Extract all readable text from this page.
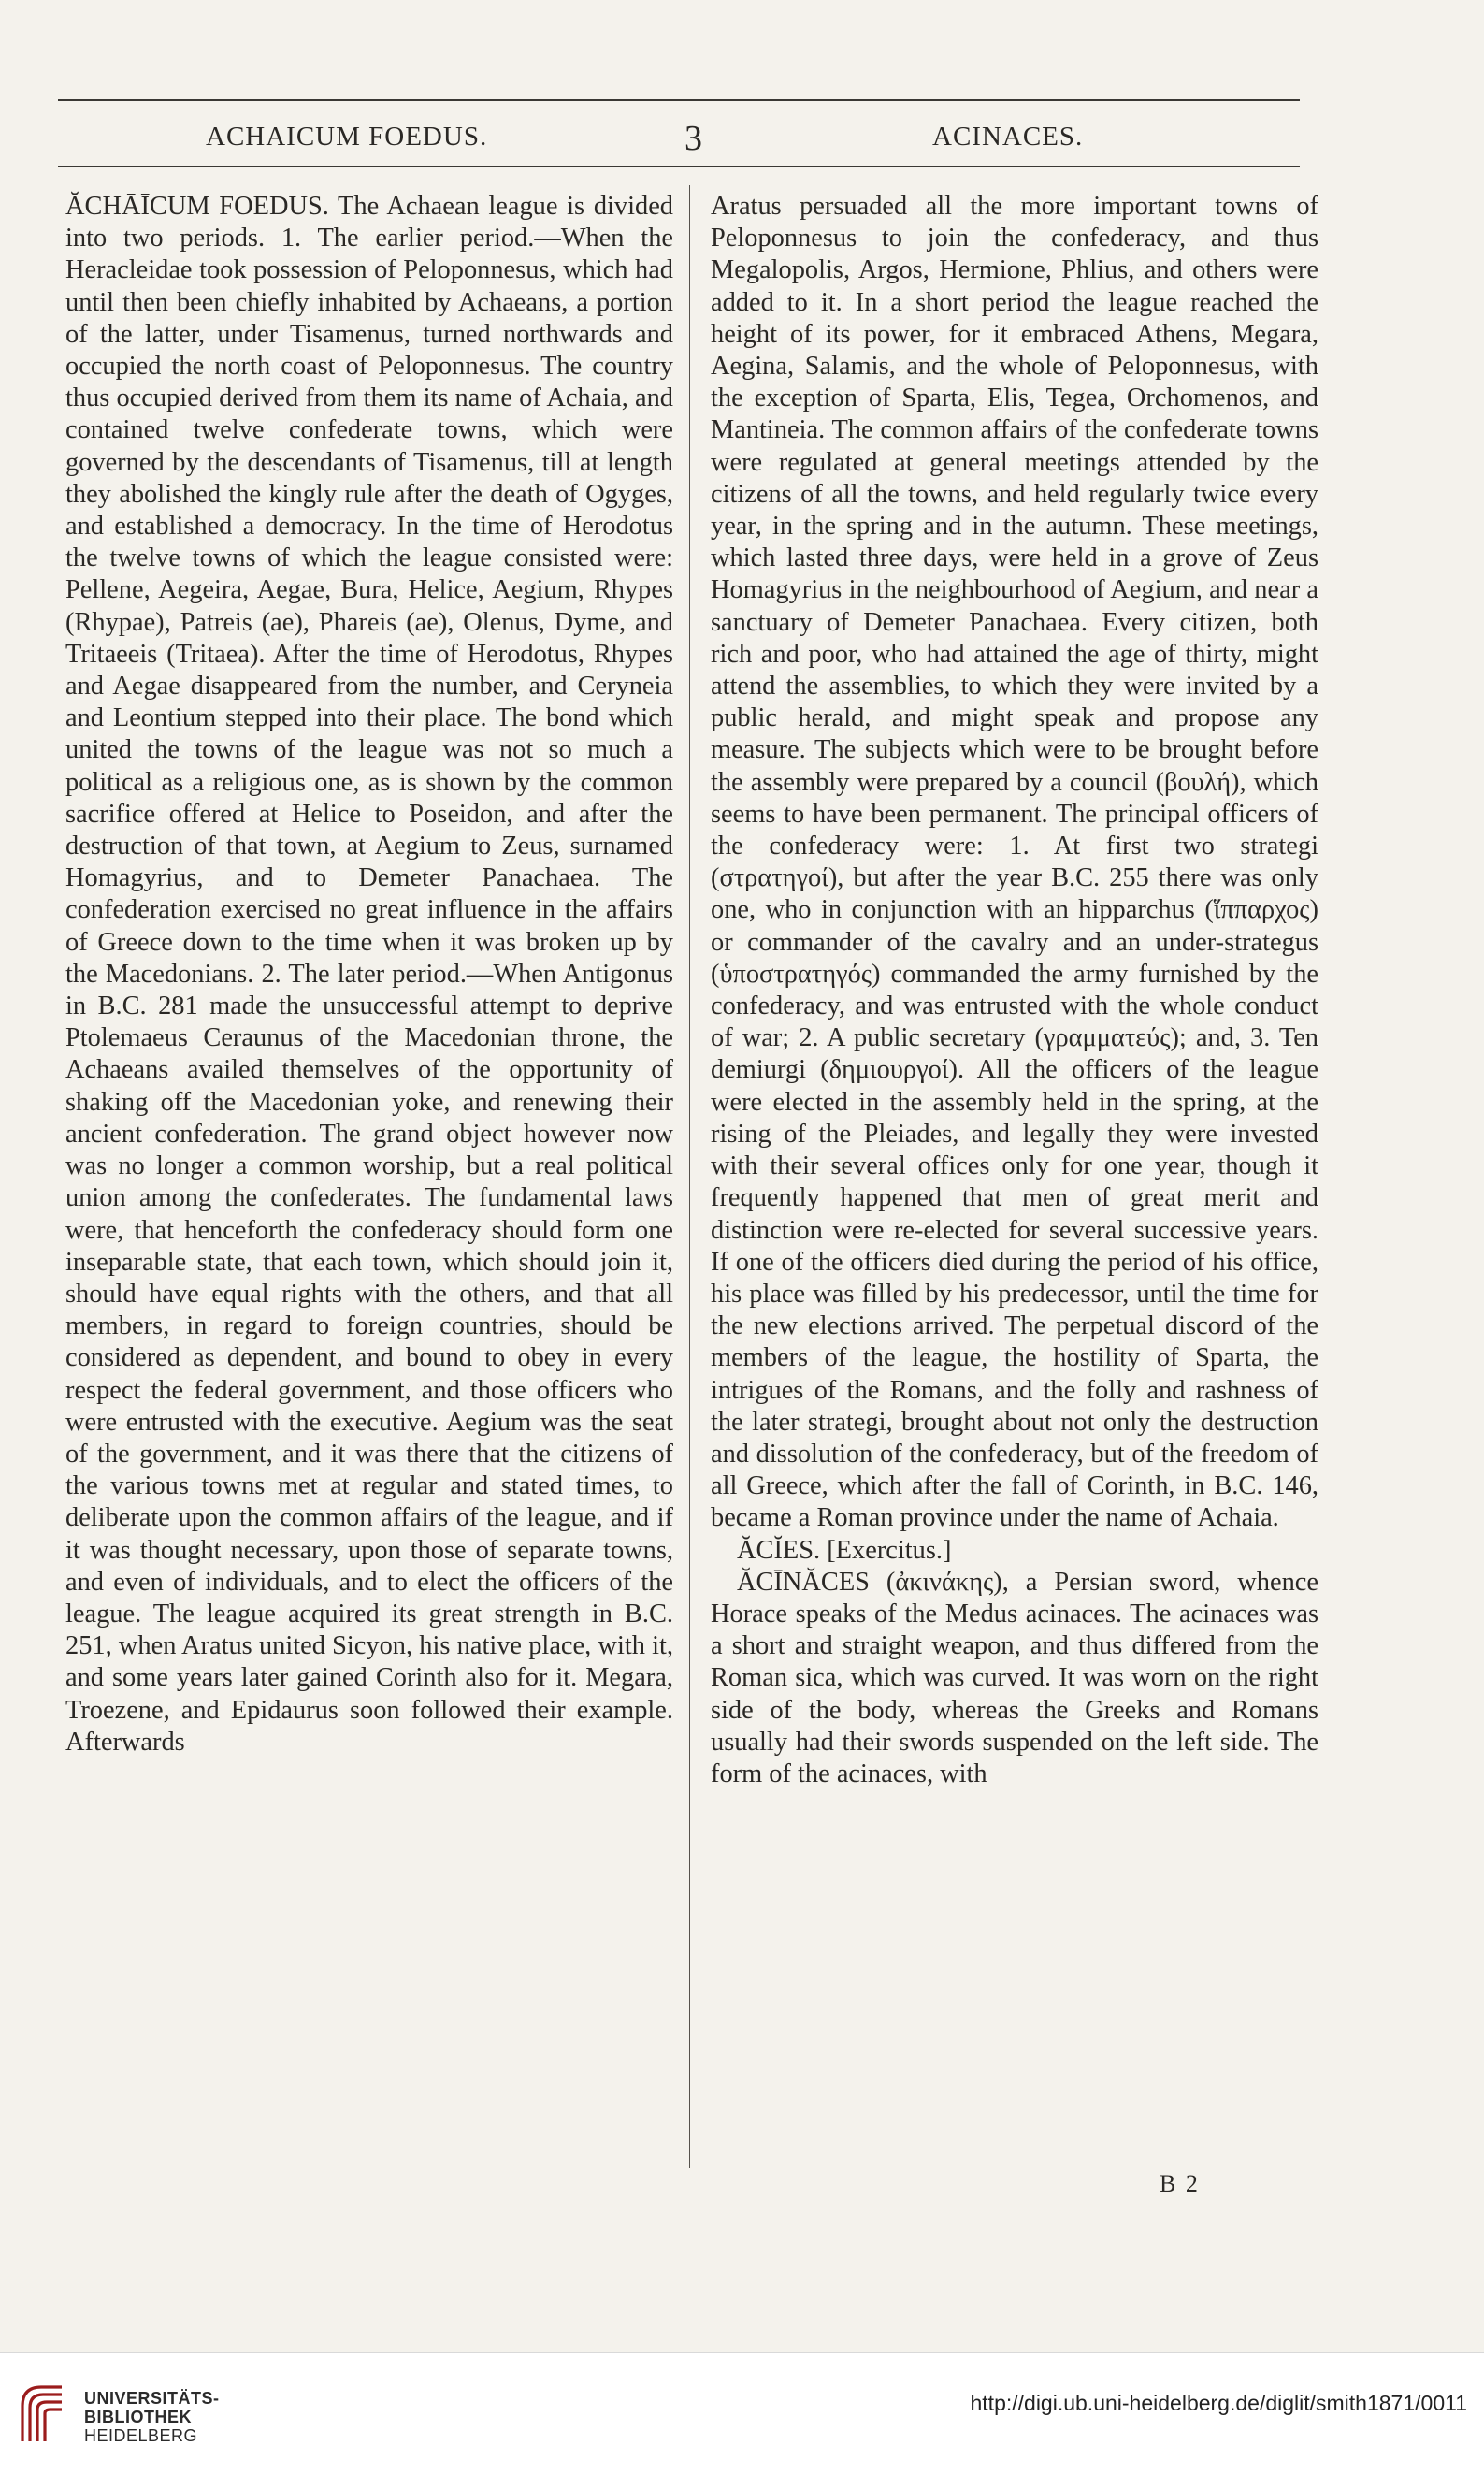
ACHAICUM FOEDUS.	3	ACINACES.

ĂCHĀĪCUM FOEDUS. The Achaean league is divided into two periods. 1. The earlier period.—When the Heracleidae took possession of Peloponnesus, which had until then been chiefly inhabited by Achaeans, a portion of the latter, under Tisamenus, turned northwards and occupied the north coast of Peloponnesus. The country thus occupied derived from them its name of Achaia, and contained twelve confederate towns, which were governed by the descendants of Tisamenus, till at length they abolished the kingly rule after the death of Ogyges, and established a democracy. In the time of Herodotus the twelve towns of which the league consisted were: Pellene, Aegeira, Aegae, Bura, Helice, Aegium, Rhypes (Rhypae), Patreis (ae), Phareis (ae), Olenus, Dyme, and Tritaeeis (Tritaea). After the time of Herodotus, Rhypes and Aegae disappeared from the number, and Ceryneia and Leontium stepped into their place. The bond which united the towns of the league was not so much a political as a religious one, as is shown by the common sacrifice offered at Helice to Poseidon, and after the destruction of that town, at Aegium to Zeus, surnamed Homagyrius, and to Demeter Panachaea. The confederation exercised no great influence in the affairs of Greece down to the time when it was broken up by the Macedonians. 2. The later period.—When Antigonus in B.C. 281 made the unsuccessful attempt to deprive Ptolemaeus Ceraunus of the Macedonian throne, the Achaeans availed themselves of the opportunity of shaking off the Macedonian yoke, and renewing their ancient confederation. The grand object however now was no longer a common worship, but a real political union among the confederates. The fundamental laws were, that henceforth the confederacy should form one inseparable state, that each town, which should join it, should have equal rights with the others, and that all members, in regard to foreign countries, should be considered as dependent, and bound to obey in every respect the federal government, and those officers who were entrusted with the executive. Aegium was the seat of the government, and it was there that the citizens of the various towns met at regular and stated times, to deliberate upon the common affairs of the league, and if it was thought necessary, upon those of separate towns, and even of individuals, and to elect the officers of the league. The league acquired its great strength in B.C. 251, when Aratus united Sicyon, his native place, with it, and some years later gained Corinth also for it. Megara, Troezene, and Epidaurus soon followed their example. Afterwards

Aratus persuaded all the more important towns of Peloponnesus to join the confederacy, and thus Megalopolis, Argos, Hermione, Phlius, and others were added to it. In a short period the league reached the height of its power, for it embraced Athens, Megara, Aegina, Salamis, and the whole of Peloponnesus, with the exception of Sparta, Elis, Tegea, Orchomenos, and Mantineia. The common affairs of the confederate towns were regulated at general meetings attended by the citizens of all the towns, and held regularly twice every year, in the spring and in the autumn. These meetings, which lasted three days, were held in a grove of Zeus Homagyrius in the neighbourhood of Aegium, and near a sanctuary of Demeter Panachaea. Every citizen, both rich and poor, who had attained the age of thirty, might attend the assemblies, to which they were invited by a public herald, and might speak and propose any measure. The subjects which were to be brought before the assembly were prepared by a council (βουλή), which seems to have been permanent. The principal officers of the confederacy were: 1. At first two strategi (στρατηγοί), but after the year B.C. 255 there was only one, who in conjunction with an hipparchus (ἵππαρχος) or commander of the cavalry and an under-strategus (ὑποστρατηγός) commanded the army furnished by the confederacy, and was entrusted with the whole conduct of war; 2. A public secretary (γραμματεύς); and, 3. Ten demiurgi (δημιουργοί). All the officers of the league were elected in the assembly held in the spring, at the rising of the Pleiades, and legally they were invested with their several offices only for one year, though it frequently happened that men of great merit and distinction were re-elected for several successive years. If one of the officers died during the period of his office, his place was filled by his predecessor, until the time for the new elections arrived. The perpetual discord of the members of the league, the hostility of Sparta, the intrigues of the Romans, and the folly and rashness of the later strategi, brought about not only the destruction and dissolution of the confederacy, but of the freedom of all Greece, which after the fall of Corinth, in B.C. 146, became a Roman province under the name of Achaia.

ĂCĬES. [Exercitus.]

ĂCĪNĂCES (ἀκινάκης), a Persian sword, whence Horace speaks of the Medus acinaces. The acinaces was a short and straight weapon, and thus differed from the Roman sica, which was curved. It was worn on the right side of the body, whereas the Greeks and Romans usually had their swords suspended on the left side. The form of the acinaces, with

B 2
UNIVERSITÄTS-
BIBLIOTHEK
HEIDELBERG
http://digi.ub.uni-heidelberg.de/diglit/smith1871/0011
